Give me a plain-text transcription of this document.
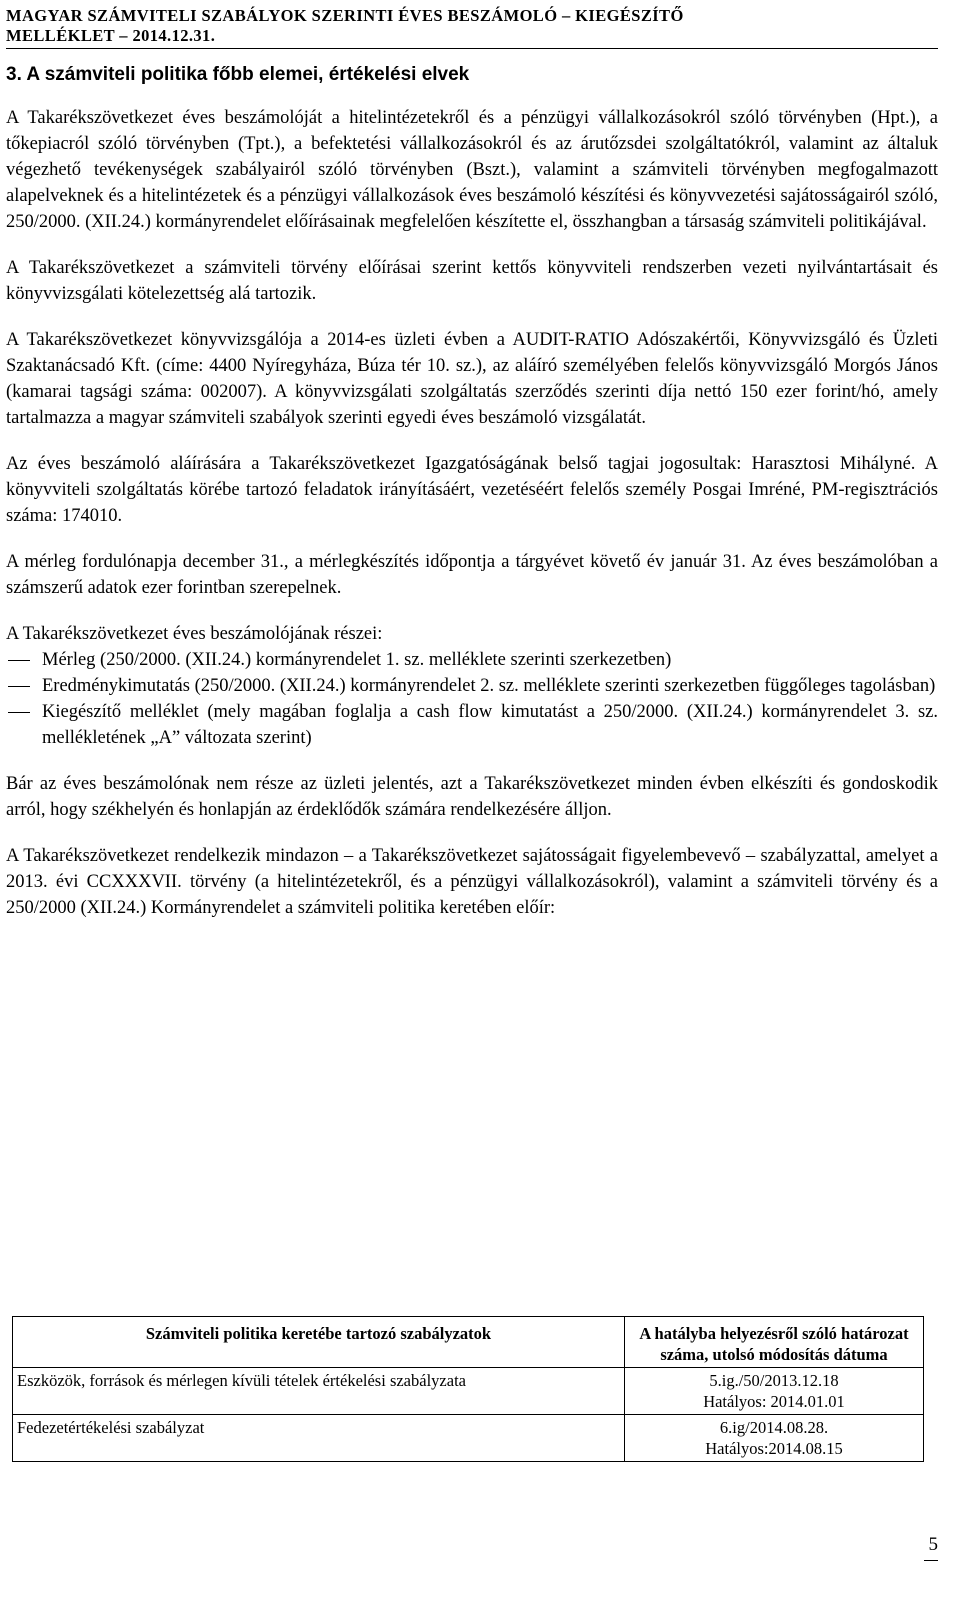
MAGYAR SZÁMVITELI SZABÁLYOK SZERINTI ÉVES BESZÁMOLÓ – KIEGÉSZÍTŐ
MELLÉKLET – 2014.12.31.
3. A számviteli politika főbb elemei, értékelési elvek

A Takarékszövetkezet éves beszámolóját a hitelintézetekről és a pénzügyi vállalkozásokról szóló törvényben (Hpt.), a tőkepiacról szóló törvényben (Tpt.), a befektetési vállalkozásokról és az árutőzsdei szolgáltatókról, valamint az általuk végezhető tevékenységek szabályairól szóló törvényben (Bszt.), valamint a számviteli törvényben megfogalmazott alapelveknek és a hitelintézetek és a pénzügyi vállalkozások éves beszámoló készítési és könyvvezetési sajátosságairól szóló, 250/2000. (XII.24.) kormányrendelet előírásainak megfelelően készítette el, összhangban a társaság számviteli politikájával.

A Takarékszövetkezet a számviteli törvény előírásai szerint kettős könyvviteli rendszerben vezeti nyilvántartásait és könyvvizsgálati kötelezettség alá tartozik.

A Takarékszövetkezet könyvvizsgálója a 2014-es üzleti évben a AUDIT-RATIO Adószakértői, Könyvvizsgáló és Üzleti Szaktanácsadó Kft. (címe: 4400 Nyíregyháza, Búza tér 10. sz.), az aláíró személyében felelős könyvvizsgáló Morgós János (kamarai tagsági száma: 002007). A könyvvizsgálati szolgáltatás szerződés szerinti díja nettó 150 ezer forint/hó, amely tartalmazza a magyar számviteli szabályok szerinti egyedi éves beszámoló vizsgálatát.

Az éves beszámoló aláírására a Takarékszövetkezet Igazgatóságának belső tagjai jogosultak: Harasztosi Mihályné. A könyvviteli szolgáltatás körébe tartozó feladatok irányításáért, vezetéséért felelős személy Posgai Imréné, PM-regisztrációs száma: 174010.

A mérleg fordulónapja december 31., a mérlegkészítés időpontja a tárgyévet követő év január 31. Az éves beszámolóban a számszerű adatok ezer forintban szerepelnek.

A Takarékszövetkezet éves beszámolójának részei:

Mérleg (250/2000. (XII.24.) kormányrendelet 1. sz. melléklete szerinti szerkezetben)
Eredménykimutatás (250/2000. (XII.24.) kormányrendelet 2. sz. melléklete szerinti szerkezetben függőleges tagolásban)
Kiegészítő melléklet (mely magában foglalja a cash flow kimutatást a 250/2000. (XII.24.) kormányrendelet 3. sz. mellékletének „A” változata szerint)

Bár az éves beszámolónak nem része az üzleti jelentés, azt a Takarékszövetkezet minden évben elkészíti és gondoskodik arról, hogy székhelyén és honlapján az érdeklődők számára rendelkezésére álljon.

A Takarékszövetkezet rendelkezik mindazon – a Takarékszövetkezet sajátosságait figyelembevevő – szabályzattal, amelyet a 2013. évi CCXXXVII. törvény (a hitelintézetekről, és a pénzügyi vállalkozásokról), valamint a számviteli törvény és a 250/2000 (XII.24.) Kormányrendelet a számviteli politika keretében előír:

Számviteli politika keretébe tartozó szabályzatok	A hatályba helyezésről szóló határozat száma, utolsó módosítás dátuma
Eszközök, források és mérlegen kívüli tételek értékelési szabályzata	5.ig./50/2013.12.18
Hatályos: 2014.01.01

Fedezetértékelési szabályzat	6.ig/2014.08.28.
Hatályos:2014.08.15
5
